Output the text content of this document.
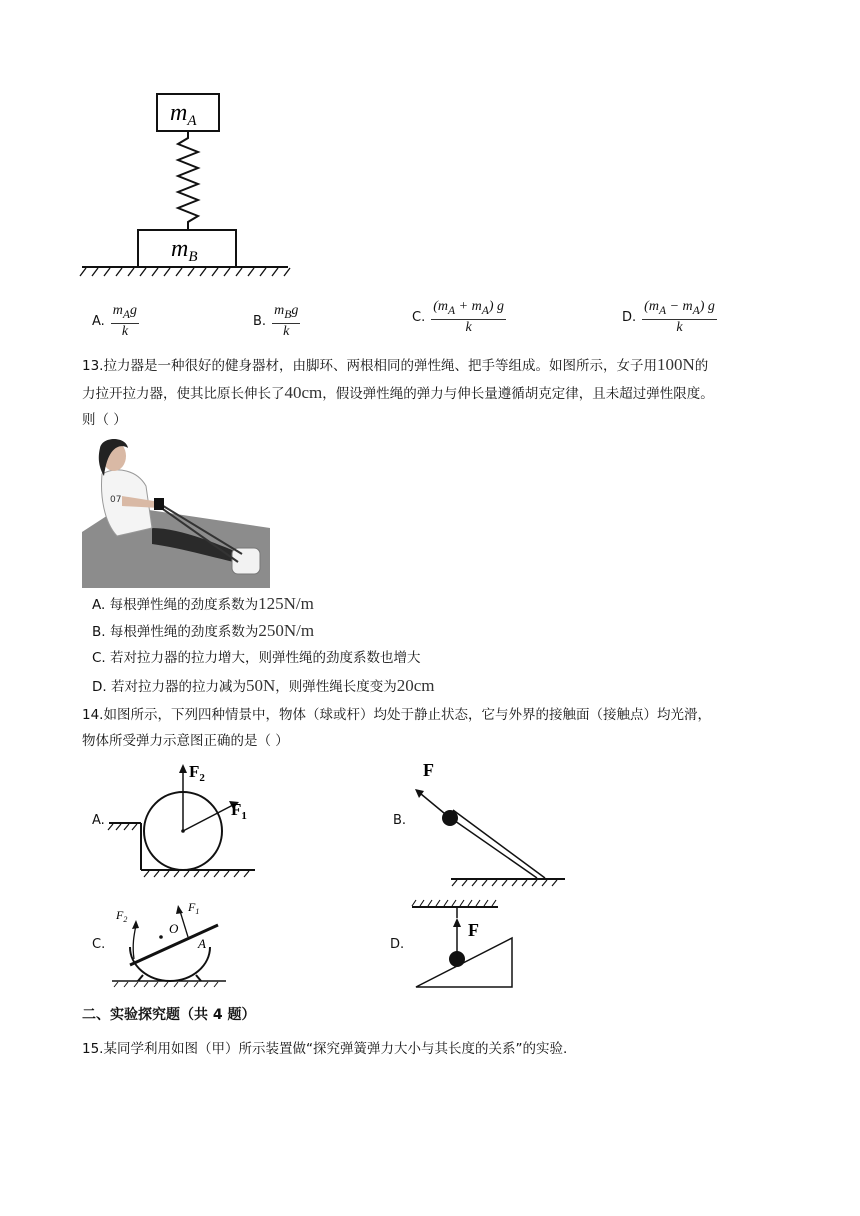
$m_A$
$m_B$
A. $\frac{m_Ag}{k}$	B. $\frac{m_Bg}{k}$	C. $\frac{(m_A + m_A) g}{k}$	D. $\frac{(m_A - m_A) g}{k}$
13.拉力器是一种很好的健身器材，由脚环、两根相同的弹性绳、把手等组成。如图所示，女子用100N的
力拉开拉力器，使其比原长伸长了40cm，假设弹性绳的弹力与伸长量遵循胡克定律，且未超过弹性限度。
则（ ）
07
A. 每根弹性绳的劲度系数为125N/m
B. 每根弹性绳的劲度系数为250N/m
C. 若对拉力器的拉力增大，则弹性绳的劲度系数也增大
D. 若对拉力器的拉力减为50N，则弹性绳长度变为20cm
14.如图所示，下列四种情景中，物体（球或杆）均处于静止状态，它与外界的接触面（接触点）均光滑，
物体所受弹力示意图正确的是（ ）
A.
$F_2$
$F_1$	B.
F
C.
$F_2$
$F_1$
O
A	D.
F
二、实验探究题（共 4 题）
15.某同学利用如图（甲）所示装置做“探究弹簧弹力大小与其长度的关系”的实验.
